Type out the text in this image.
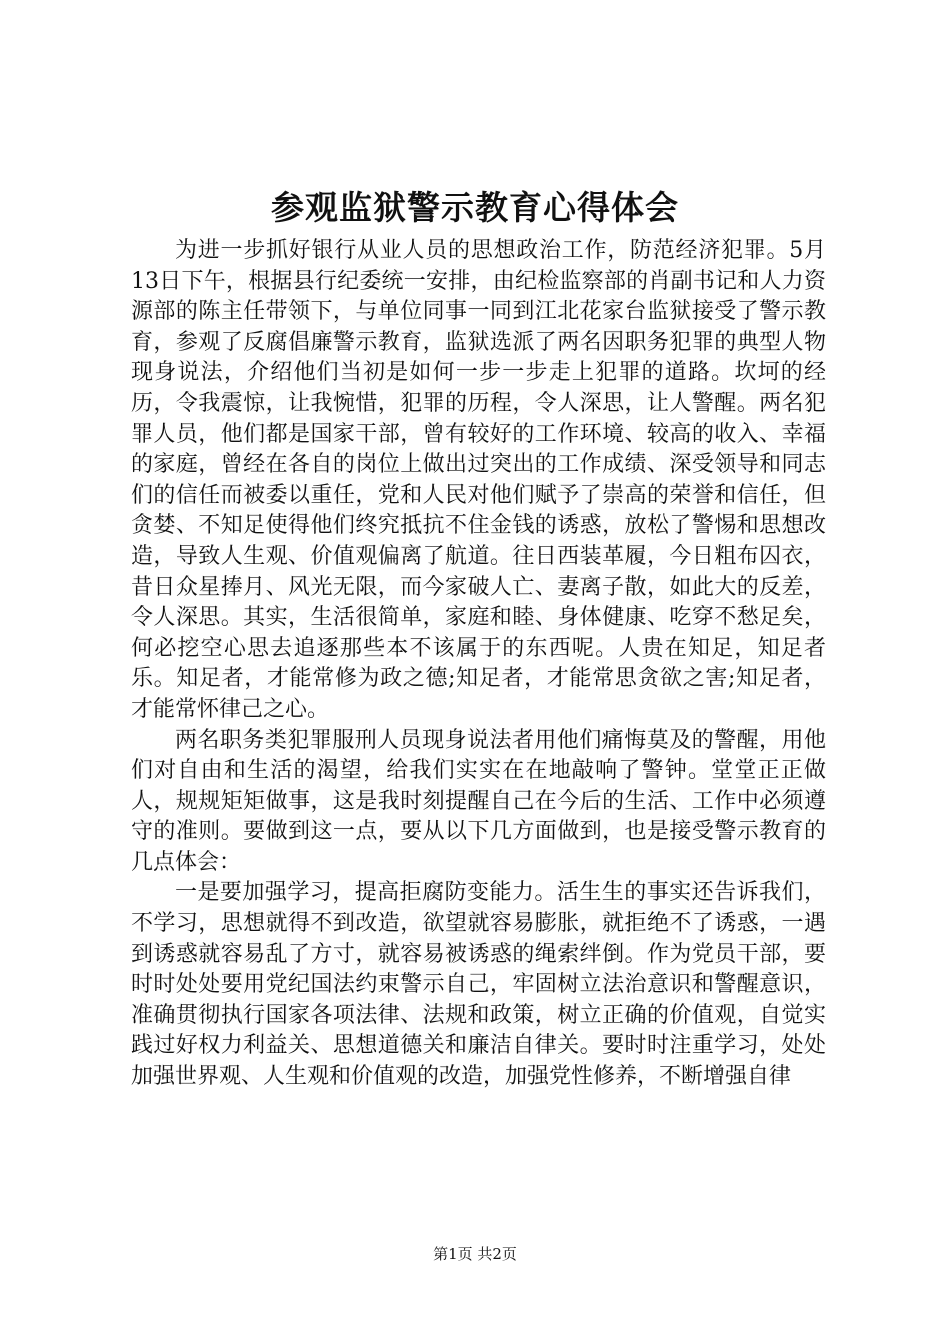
参观监狱警示教育心得体会

为进一步抓好银行从业人员的思想政治工作，防范经济犯罪。5月13日下午，根据县行纪委统一安排，由纪检监察部的肖副书记和人力资源部的陈主任带领下，与单位同事一同到江北花家台监狱接受了警示教育，参观了反腐倡廉警示教育，监狱选派了两名因职务犯罪的典型人物现身说法，介绍他们当初是如何一步一步走上犯罪的道路。坎坷的经历，令我震惊，让我惋惜，犯罪的历程，令人深思，让人警醒。两名犯罪人员，他们都是国家干部，曾有较好的工作环境、较高的收入、幸福的家庭，曾经在各自的岗位上做出过突出的工作成绩、深受领导和同志们的信任而被委以重任，党和人民对他们赋予了崇高的荣誉和信任，但贪婪、不知足使得他们终究抵抗不住金钱的诱惑，放松了警惕和思想改造，导致人生观、价值观偏离了航道。往日西装革履，今日粗布囚衣，昔日众星捧月、风光无限，而今家破人亡、妻离子散，如此大的反差，令人深思。其实，生活很简单，家庭和睦、身体健康、吃穿不愁足矣，何必挖空心思去追逐那些本不该属于的东西呢。人贵在知足，知足者乐。知足者，才能常修为政之德;知足者，才能常思贪欲之害;知足者，才能常怀律己之心。

两名职务类犯罪服刑人员现身说法者用他们痛悔莫及的警醒，用他们对自由和生活的渴望，给我们实实在在地敲响了警钟。堂堂正正做人，规规矩矩做事，这是我时刻提醒自己在今后的生活、工作中必须遵守的准则。要做到这一点，要从以下几方面做到，也是接受警示教育的几点体会：

一是要加强学习，提高拒腐防变能力。活生生的事实还告诉我们，不学习，思想就得不到改造，欲望就容易膨胀，就拒绝不了诱惑，一遇到诱惑就容易乱了方寸，就容易被诱惑的绳索绊倒。作为党员干部，要时时处处要用党纪国法约束警示自己，牢固树立法治意识和警醒意识，准确贯彻执行国家各项法律、法规和政策，树立正确的价值观，自觉实践过好权力利益关、思想道德关和廉洁自律关。要时时注重学习，处处加强世界观、人生观和价值观的改造，加强党性修养，不断增强自律

第1页 共2页
